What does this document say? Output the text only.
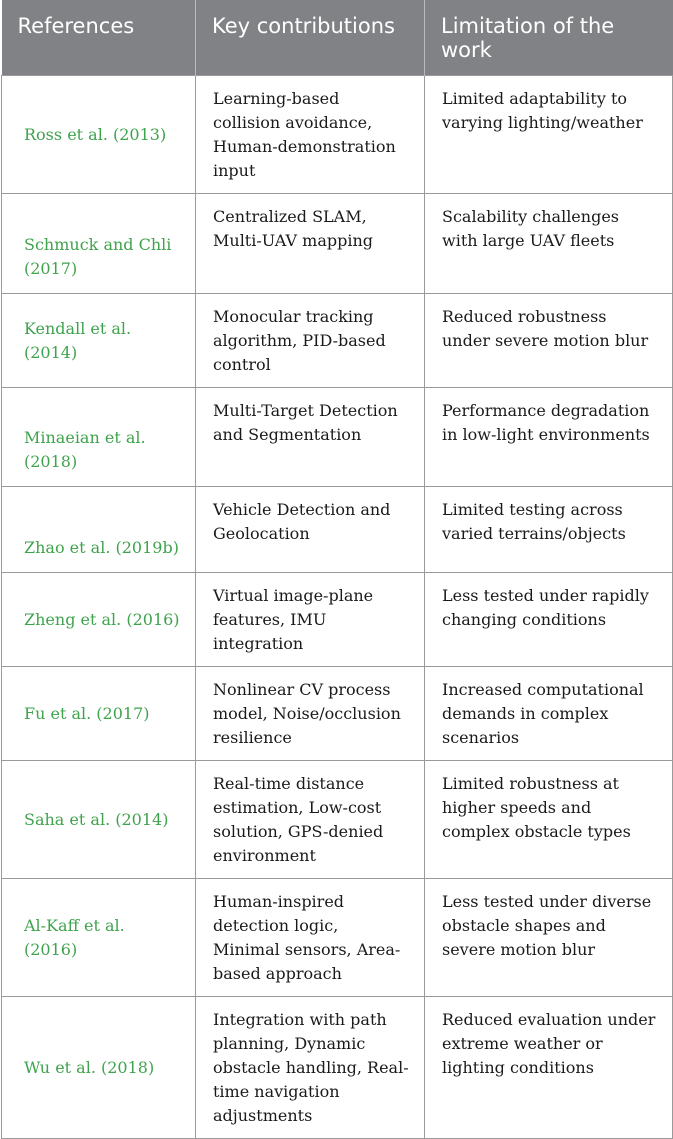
References	Key contributions	Limitation of the work
Ross et al. (2013)	Learning-based collision avoidance, Human-demonstration input	Limited adaptability to varying lighting/weather
Schmuck and Chli (2017)	Centralized SLAM, Multi-UAV mapping	Scalability challenges with large UAV fleets
Kendall et al. (2014)	Monocular tracking algorithm, PID-based control	Reduced robustness under severe motion blur
Minaeian et al. (2018)	Multi-Target Detection and Segmentation	Performance degradation in low-light environments
Zhao et al. (2019b)	Vehicle Detection and Geolocation	Limited testing across varied terrains/objects
Zheng et al. (2016)	Virtual image-plane features, IMU integration	Less tested under rapidly changing conditions
Fu et al. (2017)	Nonlinear CV process model, Noise/occlusion resilience	Increased computational demands in complex scenarios
Saha et al. (2014)	Real-time distance estimation, Low-cost solution, GPS-denied environment	Limited robustness at higher speeds and complex obstacle types
Al-Kaff et al. (2016)	Human-inspired detection logic, Minimal sensors, Area-based approach	Less tested under diverse obstacle shapes and severe motion blur
Wu et al. (2018)	Integration with path planning, Dynamic obstacle handling, Real-time navigation adjustments	Reduced evaluation under extreme weather or lighting conditions
